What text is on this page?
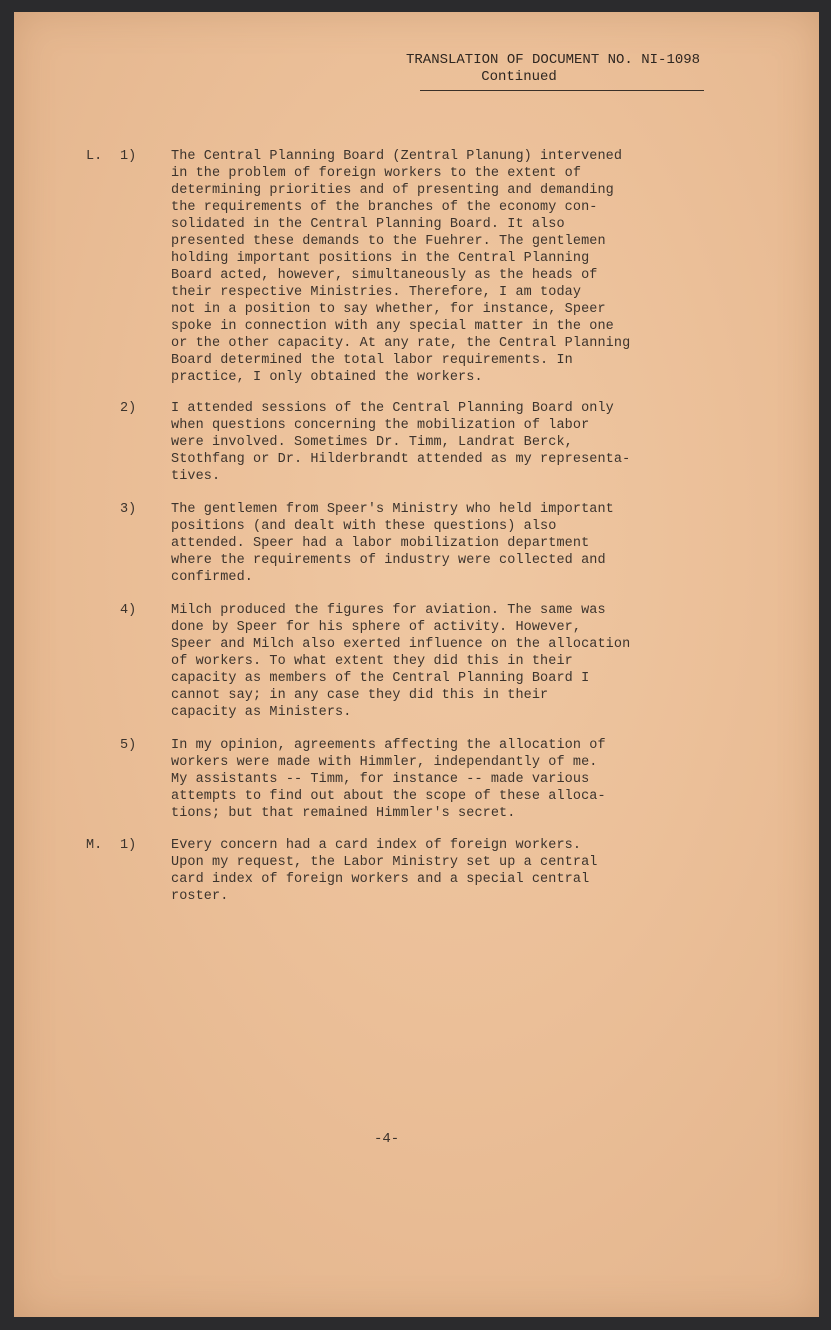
TRANSLATION OF DOCUMENT NO. NI-1098
Continued
L.	1)	The Central Planning Board (Zentral Planung) intervened
in the problem of foreign workers to the extent of
determining priorities and of presenting and demanding
the requirements of the branches of the economy con-
solidated in the Central Planning Board. It also
presented these demands to the Fuehrer. The gentlemen
holding important positions in the Central Planning
Board acted, however, simultaneously as the heads of
their respective Ministries. Therefore, I am today
not in a position to say whether, for instance, Speer
spoke in connection with any special matter in the one
or the other capacity. At any rate, the Central Planning
Board determined the total labor requirements. In
practice, I only obtained the workers.
2)	I attended sessions of the Central Planning Board only
when questions concerning the mobilization of labor
were involved. Sometimes Dr. Timm, Landrat Berck,
Stothfang or Dr. Hilderbrandt attended as my representa-
tives.
3)	The gentlemen from Speer's Ministry who held important
positions (and dealt with these questions) also
attended. Speer had a labor mobilization department
where the requirements of industry were collected and
confirmed.
4)	Milch produced the figures for aviation. The same was
done by Speer for his sphere of activity. However,
Speer and Milch also exerted influence on the allocation
of workers. To what extent they did this in their
capacity as members of the Central Planning Board I
cannot say; in any case they did this in their
capacity as Ministers.
5)	In my opinion, agreements affecting the allocation of
workers were made with Himmler, independantly of me.
My assistants -- Timm, for instance -- made various
attempts to find out about the scope of these alloca-
tions; but that remained Himmler's secret.
M.	1)	Every concern had a card index of foreign workers.
Upon my request, the Labor Ministry set up a central
card index of foreign workers and a special central
roster.
-4-
